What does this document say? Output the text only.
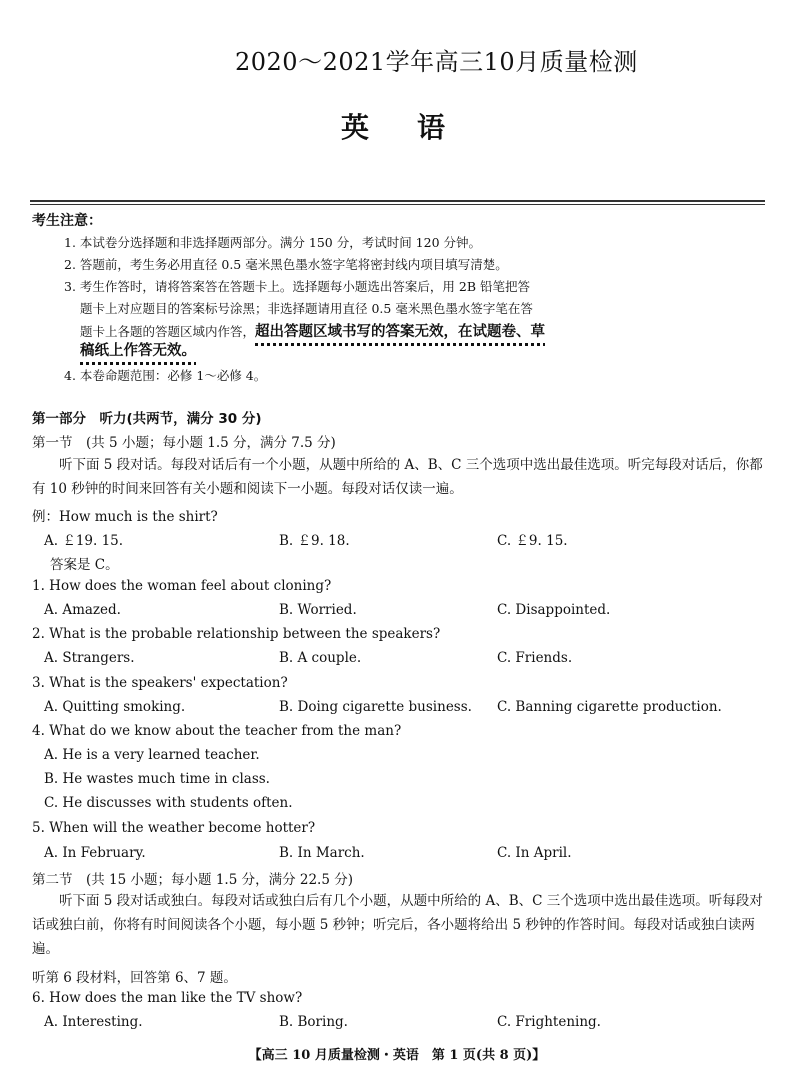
2020～2021学年高三10月质量检测
英语
考生注意：
1. 本试卷分选择题和非选择题两部分。满分 150 分，考试时间 120 分钟。
2. 答题前，考生务必用直径 0.5 毫米黑色墨水签字笔将密封线内项目填写清楚。
3. 考生作答时，请将答案答在答题卡上。选择题每小题选出答案后，用 2B 铅笔把答
题卡上对应题目的答案标号涂黑；非选择题请用直径 0.5 毫米黑色墨水签字笔在答
题卡上各题的答题区域内作答，超出答题区域书写的答案无效，在试题卷、草
稿纸上作答无效。
4. 本卷命题范围：必修 1～必修 4。
第一部分　听力(共两节，满分 30 分)
第一节　(共 5 小题；每小题 1.5 分，满分 7.5 分)
听下面 5 段对话。每段对话后有一个小题，从题中所给的 A、B、C 三个选项中选出最佳选项。听完每段对话后，你都有 10 秒钟的时间来回答有关小题和阅读下一小题。每段对话仅读一遍。
例：How much is the shirt?
A. ￡19. 15.	B. ￡9. 18.	C. ￡9. 15.
答案是 C。
1. How does the woman feel about cloning?
A. Amazed.	B. Worried.	C. Disappointed.
2. What is the probable relationship between the speakers?
A. Strangers.	B. A couple.	C. Friends.
3. What is the speakers' expectation?
A. Quitting smoking.	B. Doing cigarette business. C. Banning cigarette production.
4. What do we know about the teacher from the man?
A. He is a very learned teacher.
B. He wastes much time in class.
C. He discusses with students often.
5. When will the weather become hotter?
A. In February.	B. In March.	C. In April.
第二节　(共 15 小题；每小题 1.5 分，满分 22.5 分)
听下面 5 段对话或独白。每段对话或独白后有几个小题，从题中所给的 A、B、C 三个选项中选出最佳选项。听每段对话或独白前，你将有时间阅读各个小题，每小题 5 秒钟；听完后，各小题将给出 5 秒钟的作答时间。每段对话或独白读两遍。
听第 6 段材料，回答第 6、7 题。
6. How does the man like the TV show?
A. Interesting.	B. Boring.	C. Frightening.
【高三 10 月质量检测・英语　第 1 页(共 8 页)】
